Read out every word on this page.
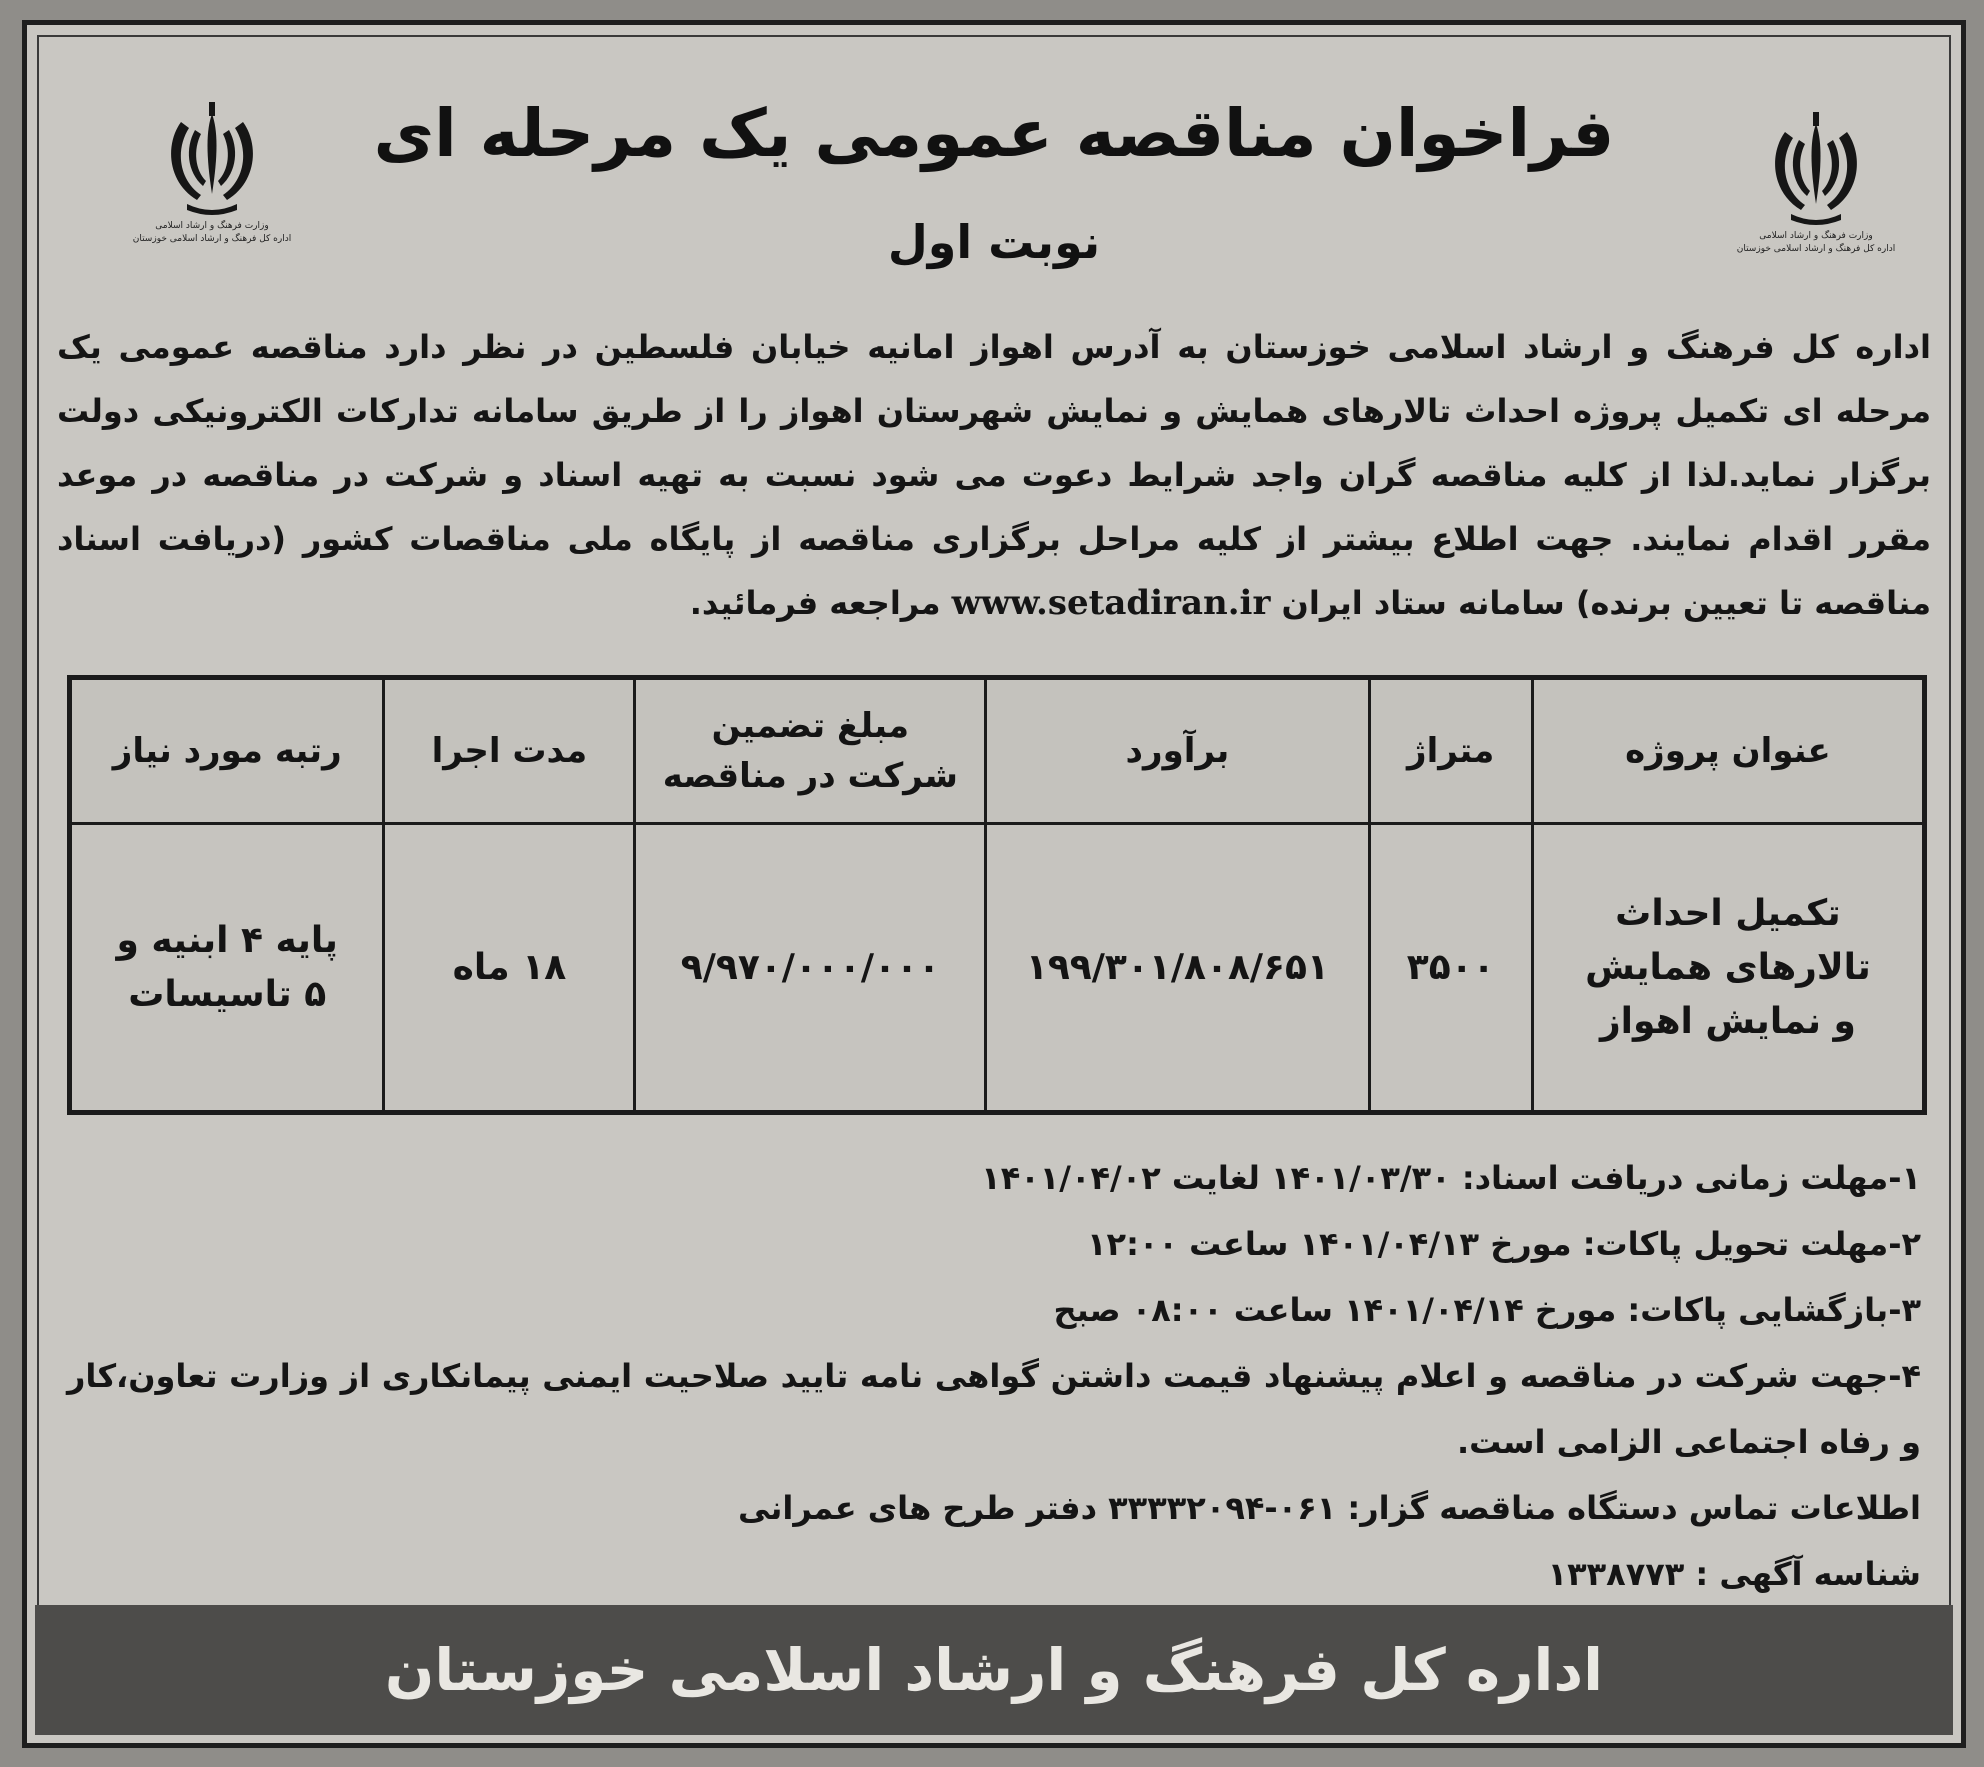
وزارت فرهنگ و ارشاد اسلامی
اداره کل فرهنگ و ارشاد اسلامی خوزستان
وزارت فرهنگ و ارشاد اسلامی
اداره کل فرهنگ و ارشاد اسلامی خوزستان
فراخوان مناقصه عمومی یک مرحله ای
نوبت اول
اداره کل فرهنگ و ارشاد اسلامی خوزستان به آدرس اهواز امانیه خیابان فلسطین در نظر دارد مناقصه عمومی یک مرحله ای تکمیل پروژه احداث تالارهای همایش و نمایش شهرستان اهواز را از طریق سامانه تدارکات الکترونیکی دولت برگزار نماید.لذا از کلیه مناقصه گران واجد شرایط دعوت می شود نسبت به تهیه اسناد و شرکت در مناقصه در موعد مقرر اقدام نمایند. جهت اطلاع بیشتر از کلیه مراحل برگزاری مناقصه از پایگاه ملی مناقصات کشور (دریافت اسناد مناقصه تا تعیین برنده) سامانه ستاد ایران www.setadiran.ir مراجعه فرمائید.
عنوان پروژه	متراژ	برآورد	مبلغ تضمین شرکت در مناقصه	مدت اجرا	رتبه مورد نیاز
تکمیل احداث تالارهای همایش و نمایش اهواز	۳۵۰۰	۱۹۹/۳۰۱/۸۰۸/۶۵۱	۹/۹۷۰/۰۰۰/۰۰۰	۱۸ ماه	پایه ۴ ابنیه و ۵ تاسیسات
۱-مهلت زمانی دریافت اسناد: ۱۴۰۱/۰۳/۳۰ لغایت ۱۴۰۱/۰۴/۰۲
۲-مهلت تحویل پاکات: مورخ ۱۴۰۱/۰۴/۱۳ ساعت ۱۲:۰۰
۳-بازگشایی پاکات: مورخ ۱۴۰۱/۰۴/۱۴ ساعت ۰۸:۰۰ صبح
۴-جهت شرکت در مناقصه و اعلام پیشنهاد قیمت داشتن گواهی نامه تایید صلاحیت ایمنی پیمانکاری از وزارت تعاون،کار و رفاه اجتماعی الزامی است.
اطلاعات تماس دستگاه مناقصه گزار: ۰۶۱-۳۳۳۳۲۰۹۴ دفتر طرح های عمرانی
شناسه آگهی : ۱۳۳۸۷۷۳
اداره کل فرهنگ و ارشاد اسلامی خوزستان
